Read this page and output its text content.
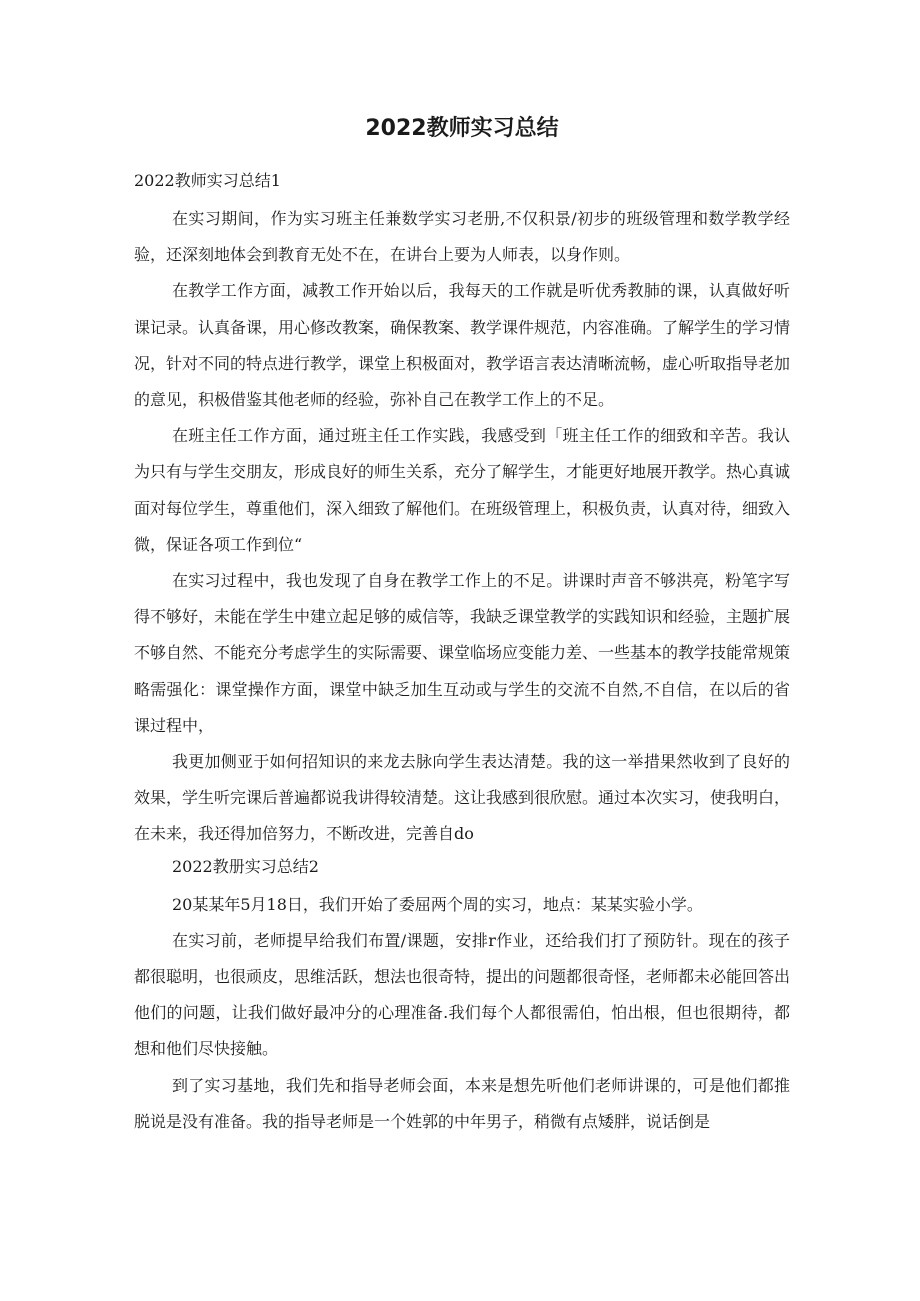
2022教师实习总结
2022教师实习总结1

在实习期间，作为实习班主任兼数学实习老册,不仅积景/初步的班级管理和数学教学经验，还深刻地体会到教育无处不在，在讲台上要为人师表，以身作则。

在教学工作方面，减教工作开始以后，我每天的工作就是听优秀教肺的课，认真做好听课记录。认真备课，用心修改教案，确保教案、教学课件规范，内容准确。了解学生的学习情况，针对不同的特点进行教学，课堂上积极面对，教学语言表达清晰流畅，虚心听取指导老加的意见，积极借鉴其他老师的经验，弥补自己在教学工作上的不足。

在班主任工作方面，通过班主任工作实践，我感受到「班主任工作的细致和辛苦。我认为只有与学生交朋友，形成良好的师生关系，充分了解学生，才能更好地展开教学。热心真诚面对每位学生，尊重他们，深入细致了解他们。在班级管理上，积极负责，认真对待，细致入微，保证各项工作到位“

在实习过程中，我也发现了自身在教学工作上的不足。讲课时声音不够洪亮，粉笔字写得不够好，未能在学生中建立起足够的威信等，我缺乏课堂教学的实践知识和经验，主题扩展不够自然、不能充分考虑学生的实际需要、课堂临场应变能力差、一些基本的教学技能常规策略需强化：课堂操作方面，课堂中缺乏加生互动或与学生的交流不自然,不自信，在以后的省课过程中，

我更加侧亚于如何招知识的来龙去脉向学生表达清楚。我的这一举措果然收到了良好的效果，学生听完课后普遍都说我讲得较清楚。这让我感到很欣慰。通过本次实习，使我明白，在未来，我还得加倍努力，不断改进，完善自do

2022教册实习总结2

20某某年5月18日，我们开始了委屈两个周的实习，地点：某某实验小学。

在实习前，老师提早给我们布置/课题，安排r作业，还给我们打了预防针。现在的孩子都很聪明，也很顽皮，思维活跃，想法也很奇特，提出的问题都很奇怪，老师都未必能回答出他们的问题，让我们做好最冲分的心理准备.我们每个人都很需伯，怕出根，但也很期待，都想和他们尽快接触。

到了实习基地，我们先和指导老师会面，本来是想先听他们老师讲课的，可是他们都推脱说是没有准备。我的指导老师是一个姓郭的中年男子，稍微有点矮胖，说话倒是
